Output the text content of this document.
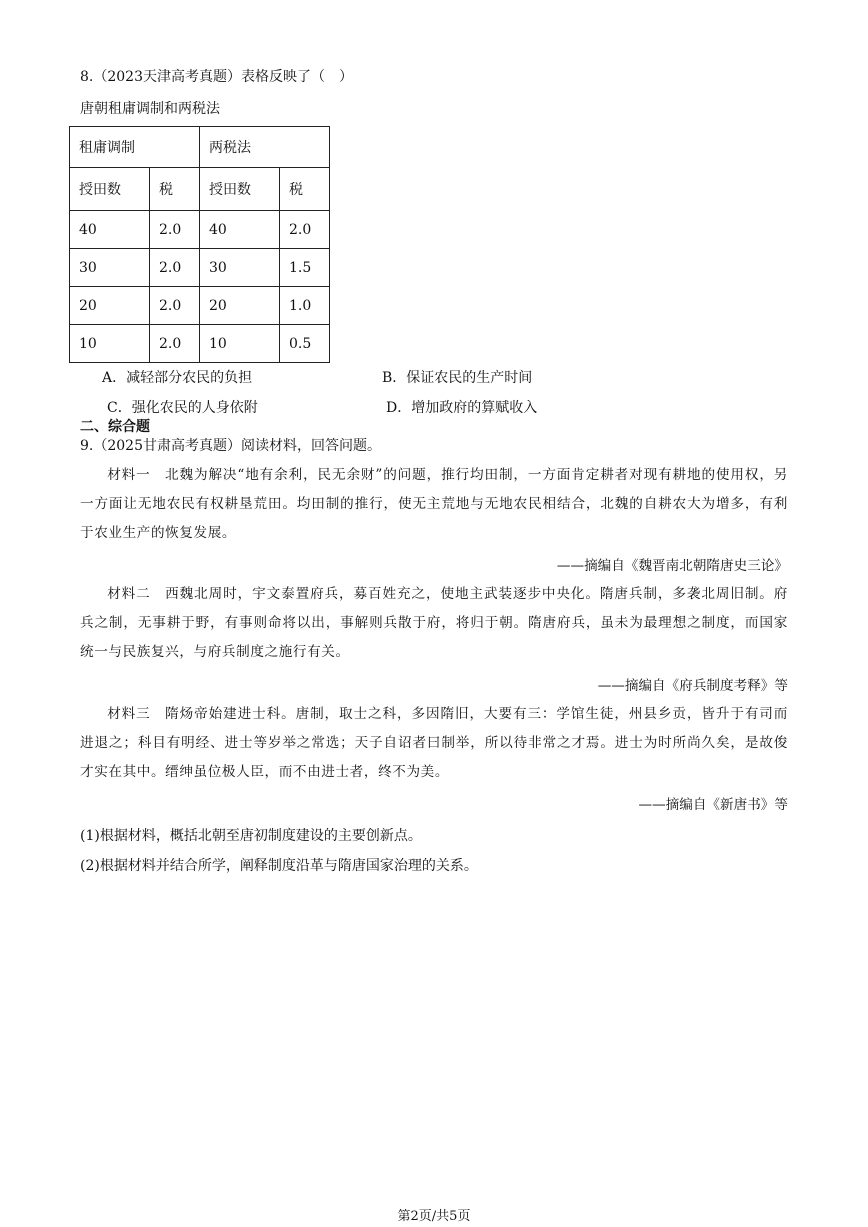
8.（2023天津高考真题）表格反映了（　）
唐朝租庸调制和两税法
租庸调制		两税法	
授田数	税	授田数	税
40	2.0	40	2.0
30	2.0	30	1.5
20	2.0	20	1.0
10	2.0	10	0.5
A．减轻部分农民的负担	B．保证农民的生产时间
C．强化农民的人身依附	D．增加政府的算赋收入
二、综合题
9.（2025甘肃高考真题）阅读材料，回答问题。
材料一　北魏为解决“地有余利，民无余财”的问题，推行均田制，一方面肯定耕者对现有耕地的使用权，另一方面让无地农民有权耕垦荒田。均田制的推行，使无主荒地与无地农民相结合，北魏的自耕农大为增多，有利于农业生产的恢复发展。
——摘编自《魏晋南北朝隋唐史三论》
材料二　西魏北周时，宇文泰置府兵，募百姓充之，使地主武装逐步中央化。隋唐兵制，多袭北周旧制。府兵之制，无事耕于野，有事则命将以出，事解则兵散于府，将归于朝。隋唐府兵，虽未为最理想之制度，而国家统一与民族复兴，与府兵制度之施行有关。
——摘编自《府兵制度考释》等
材料三　隋炀帝始建进士科。唐制，取士之科，多因隋旧，大要有三：学馆生徒，州县乡贡，皆升于有司而进退之；科目有明经、进士等岁举之常选；天子自诏者曰制举，所以待非常之才焉。进士为时所尚久矣，是故俊才实在其中。缙绅虽位极人臣，而不由进士者，终不为美。
——摘编自《新唐书》等
(1)根据材料，概括北朝至唐初制度建设的主要创新点。
(2)根据材料并结合所学，阐释制度沿革与隋唐国家治理的关系。
第2页/共5页
